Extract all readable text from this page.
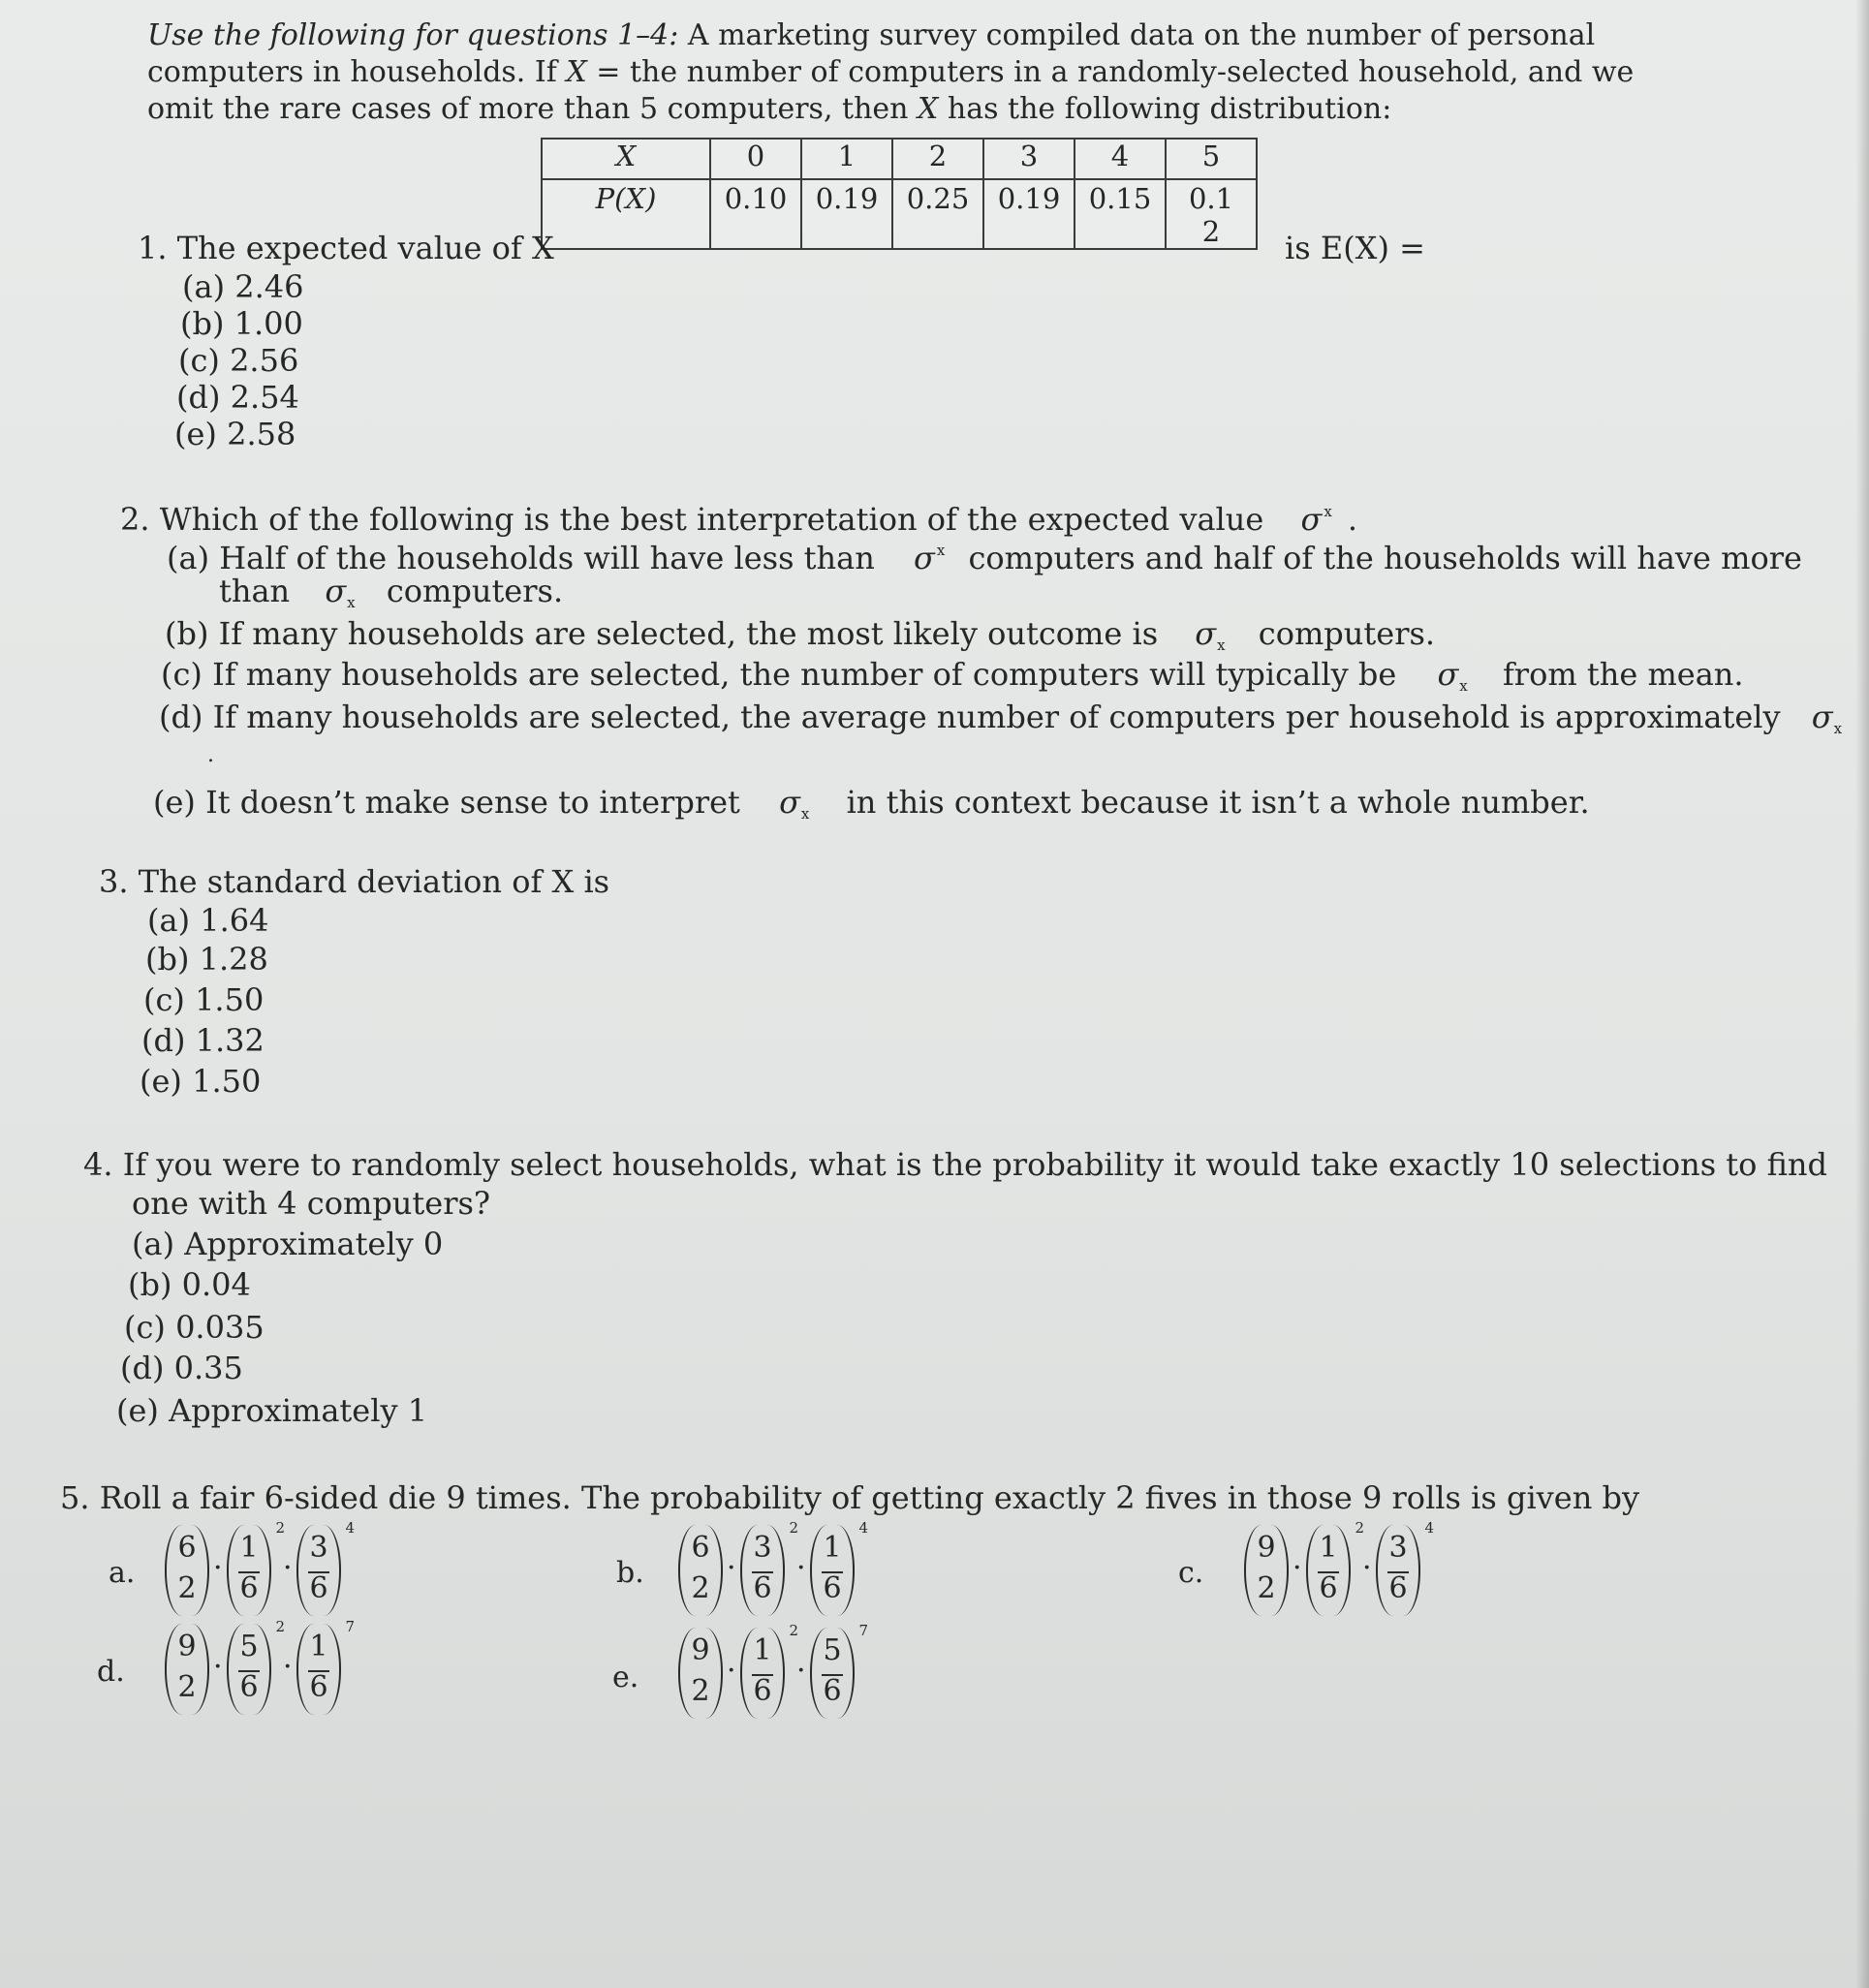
Use the following for questions 1–4: A marketing survey compiled data on the number of personal computers in households. If X = the number of computers in a randomly-selected household, and we omit the rare cases of more than 5 computers, then X has the following distribution:
X	0	1	2	3	4	5
P(X)	0.10	0.19	0.25	0.19	0.15	0.1
2
1. The expected value of X	is E(X) =
(a) 2.46
(b) 1.00
(c) 2.56
(d) 2.54
(e) 2.58
2. Which of the following is the best interpretation of the expected value σ $^x$ .
(a) Half of the households will have less than σ $^x$ computers and half of the households will have more
than $\sigma_x$ computers.
(b) If many households are selected, the most likely outcome is $\sigma_x$ computers.
(c) If many households are selected, the number of computers will typically be $\sigma_x$ from the mean.
(d) If many households are selected, the average number of computers per household is approximately $\sigma_x$
.
(e) It doesn’t make sense to interpret $\sigma_x$ in this context because it isn’t a whole number.
3. The standard deviation of X is
(a) 1.64
(b) 1.28
(c) 1.50
(d) 1.32
(e) 1.50
4. If you were to randomly select households, what is the probability it would take exactly 10 selections to find
one with 4 computers?
(a) Approximately 0
(b) 0.04
(c) 0.035
(d) 0.35
(e) Approximately 1
5. Roll a fair 6-sided die 9 times. The probability of getting exactly 2 fives in those 9 rolls is given by
a.
6
2
·
1
6
2
·
3
6
4
b.
6
2
·
3
6
2
·
1
6
4
c.
9
2
·
1
6
2
·
3
6
4
d.
9
2
·
5
6
2
·
1
6
7
e.
9
2
·
1
6
2
·
5
6
7
